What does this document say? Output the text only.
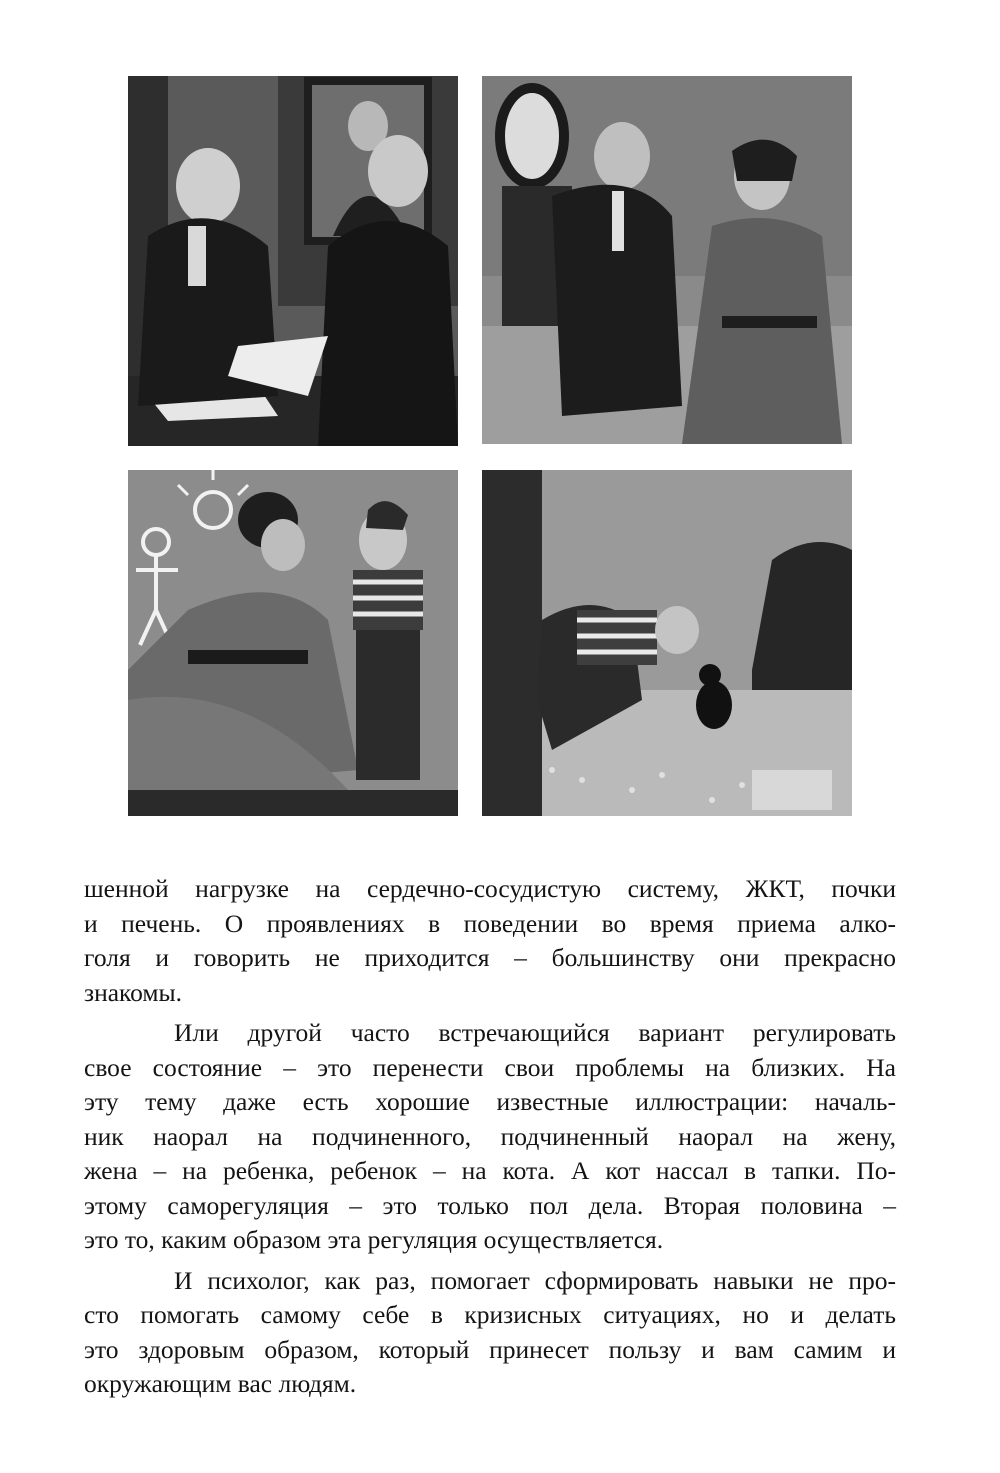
шенной нагрузке на сердечно-сосудистую систему, ЖКТ, почки
и печень. О проявлениях в поведении во время приема алко-
голя и говорить не приходится – большинству они прекрасно
знакомы.

Или другой часто встречающийся вариант регулировать
свое состояние – это перенести свои проблемы на близких. На
эту тему даже есть хорошие известные иллюстрации: началь-
ник наорал на подчиненного, подчиненный наорал на жену,
жена – на ребенка, ребенок – на кота. А кот нассал в тапки. По-
этому саморегуляция – это только пол дела. Вторая половина –
это то, каким образом эта регуляция осуществляется.

И психолог, как раз, помогает сформировать навыки не про-
сто помогать самому себе в кризисных ситуациях, но и делать
это здоровым образом, который принесет пользу и вам самим и
окружающим вас людям.
